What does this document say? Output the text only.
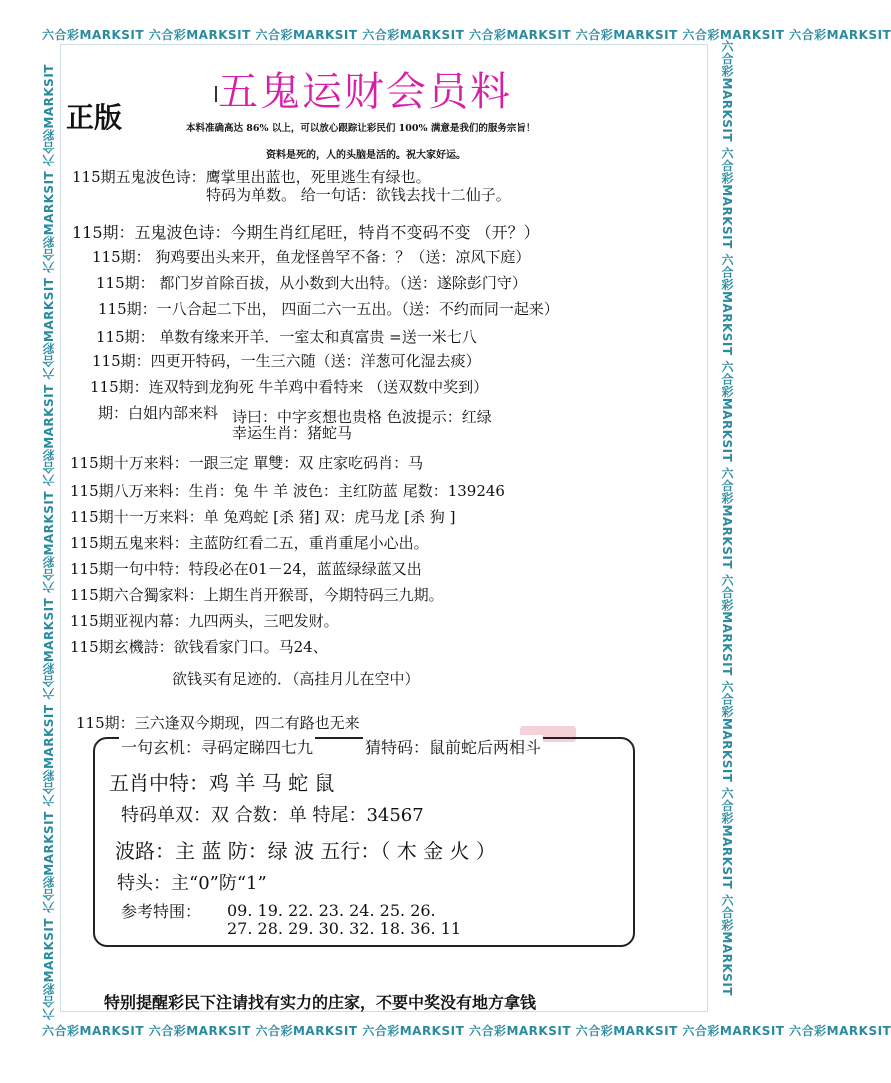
六合彩MARKSIT 六合彩MARKSIT 六合彩MARKSIT 六合彩MARKSIT 六合彩MARKSIT 六合彩MARKSIT 六合彩MARKSIT 六合彩MARKSIT
六合彩MARKSIT 六合彩MARKSIT 六合彩MARKSIT 六合彩MARKSIT 六合彩MARKSIT 六合彩MARKSIT 六合彩MARKSIT 六合彩MARKSIT
六合彩MARKSIT 六合彩MARKSIT 六合彩MARKSIT 六合彩MARKSIT 六合彩MARKSIT 六合彩MARKSIT 六合彩MARKSIT 六合彩MARKSIT 六合彩MARKSIT	六合彩MARKSIT 六合彩MARKSIT 六合彩MARKSIT 六合彩MARKSIT 六合彩MARKSIT 六合彩MARKSIT 六合彩MARKSIT 六合彩MARKSIT 六合彩MARKSIT
五鬼运财会员料
正版	本料准确高达 86% 以上，可以放心跟踪让彩民们 100% 满意是我们的服务宗旨！
资料是死的，人的头脑是活的。祝大家好运。
115期五鬼波色诗：鹰掌里出蓝也，死里逃生有绿也。
特码为单数。 给一句话：欲钱去找十二仙子。
115期：五鬼波色诗：今期生肖红尾旺，特肖不变码不变 （开？）
115期： 狗鸡要出头来开，鱼龙怪兽罕不备：？（送：凉风下庭）
115期： 都门岁首除百拔，从小数到大出特。（送：遂除彭门守）
115期：一八合起二下出， 四面二六一五出。（送：不约而同一起来）
115期： 单数有缘来开羊．一室太和真富贵 =送一米七八
115期：四更开特码，一生三六随（送：洋葱可化湿去痰）
115期：连双特到龙狗死 牛羊鸡中看特来 （送双数中奖到）
期：白姐内部来料 诗曰：中字亥想也贵格 色波提示：红绿
幸运生肖：猪蛇马
115期十万来料：一跟三定 單雙：双 庄家吃码肖：马
115期八万来料：生肖：兔 牛 羊 波色：主红防蓝 尾数：139246
115期十一万来料：单 兔鸡蛇 [杀 猪] 双：虎马龙 [杀 狗 ]
115期五鬼来料：主蓝防红看二五，重肖重尾小心出。
115期一句中特：特段必在01－24，蓝蓝绿绿蓝又出
115期六合獨家料：上期生肖开猴哥，今期特码三九期。
115期亚视内幕：九四两头，三吧发财。
115期玄機詩：欲钱看家门口。马24、
欲钱买有足迹的．（高挂月儿在空中）
115期：三六逢双今期现，四二有路也无来
一句玄机：寻码定睇四七九	猜特码：鼠前蛇后两相斗
五肖中特：鸡 羊 马 蛇 鼠
特码单双：双 合数：单 特尾：34567
波路：主 蓝 防：绿 波 五行：（ 木 金 火 ）
特头：主“0”防“1”
参考特围： 09. 19. 22. 23. 24. 25. 26.
27. 28. 29. 30. 32. 18. 36. 11
特别提醒彩民下注请找有实力的庄家，不要中奖没有地方拿钱
